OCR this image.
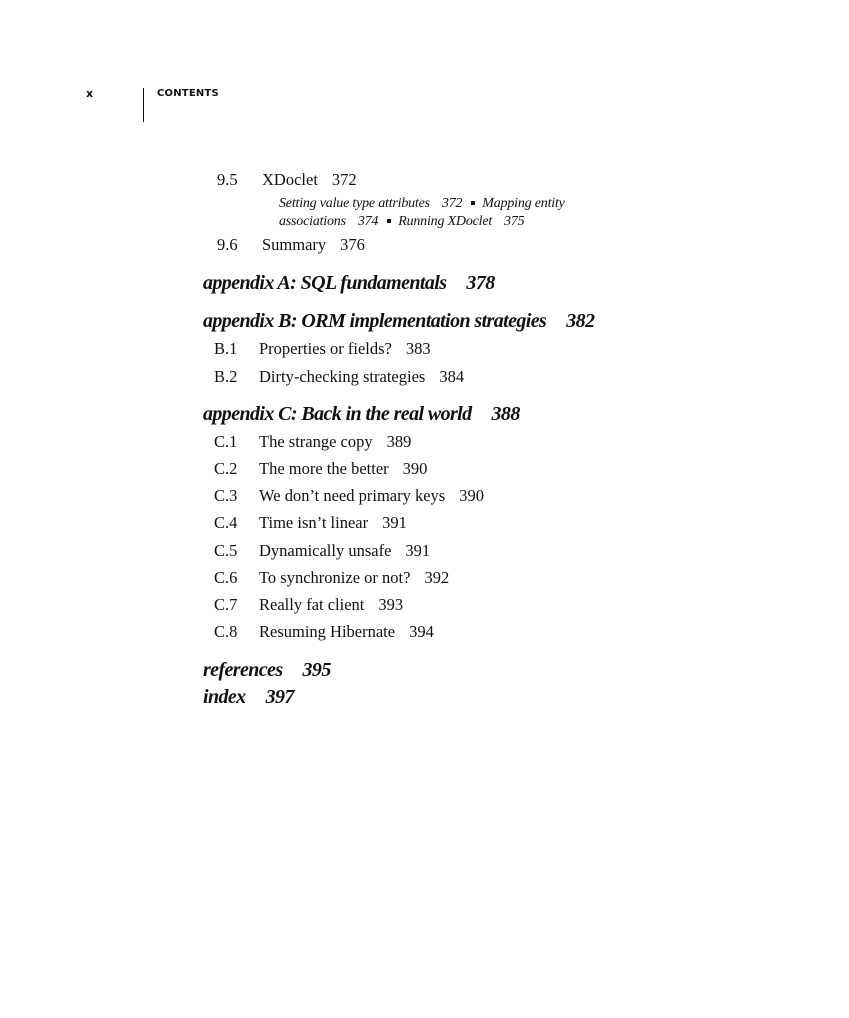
x	CONTENTS
9.5 XDoclet 372
Setting value type attributes 372 Mapping entity
associations 374 Running XDoclet 375
9.6 Summary 376
appendix A: SQL fundamentals 378
appendix B: ORM implementation strategies 382
B.1 Properties or fields? 383
B.2 Dirty-checking strategies 384
appendix C: Back in the real world 388
C.1 The strange copy 389
C.2 The more the better 390
C.3 We don’t need primary keys 390
C.4 Time isn’t linear 391
C.5 Dynamically unsafe 391
C.6 To synchronize or not? 392
C.7 Really fat client 393
C.8 Resuming Hibernate 394
references 395
index 397
